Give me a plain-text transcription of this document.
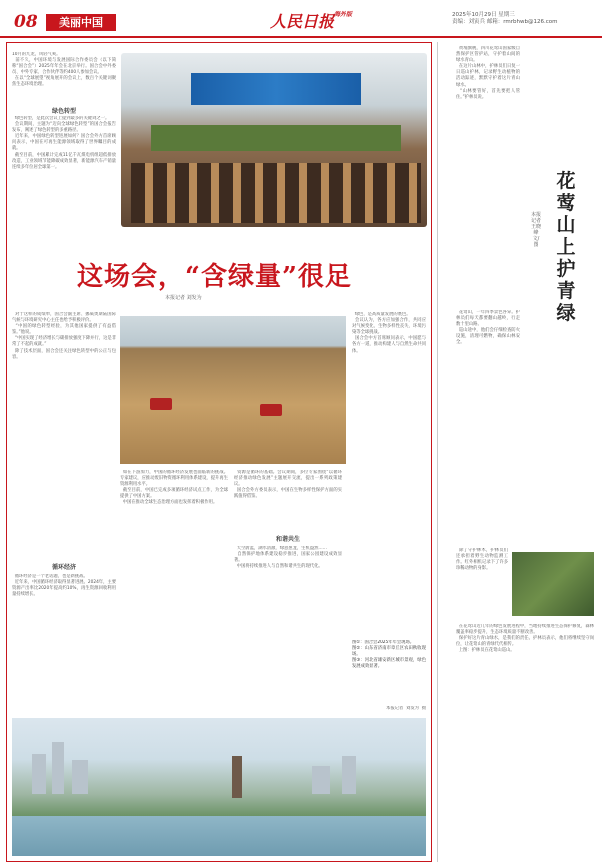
08	美丽中国	人民日报$^{海外版}$	2025年10月29日 星期三
责编：刘寅兵 邮箱：rmrbhwb@126.com
10月的九龙，风轻气爽。
前不久，中国环境与发展国际合作委员会（以下简称“国合会”）2025年年会在北京举行。国合会中外委员、中外专家、合作伙伴等约400人参加会议。
在以“全球展望”视角展开的会议上，数百个关键词聚焦生态环境治理。
绿色转型
绿色转型，是此次会议上提到最多的关键词之一。
会议期间，主题为“迈向全球绿色转型”的国合会报告发布，阐述了绿色转型的多重路径。
近年来，中国绿色转型进展如何？国合会外方首席顾问表示，中国在可再生能源领域取得了世界瞩目的成就。
截至目前，中国累计完成11亿千瓦煤电机组超低排放改造，工业领域节能降碳成效显著，新能源汽车产销量连续多年位居全球第一。
这场会，“含绿量”很足
本报记者 刘发为
对于这样的成绩单，国合会副主席、挪威奥斯陆国际气候与环境研究中心主任也给予积极评价。
“中国的绿色转型经验，为其他国家提供了有益借鉴。”他说。
“中国实现了经济增长与碳排放强度下降并行，这是非常了不起的成就。”
除了技术层面，国合会还关注绿色转型中的公正与包容。
循环经济
循环经济是一个老话题，也是新挑战。
近年来，中国循环经济取得显著进展。2024年，主要资源产出率比2020年提高约10%，再生资源回收利用量持续增长。
如在下游加力，中国的循环经济发展也面临新的挑战。专家建议，应推动废旧物资循环利用体系建设，提升再生资源利用水平。
截至目前，中国已完成多项循环经济试点工作，为全球提供了中国方案。
中国在推动全球生态治理方面也发挥着积极作用。
资源是循环的基础。会议期间，多位专家围绕“以循环经济推动绿色发展”主题展开交流，提出一系列政策建议。
国合会外方委员表示，中国在生物多样性保护方面的实践值得借鉴。
和谐共生
天空蔚蓝，湖水清澈，绿意葱茏，生机盎然……
自然保护地体系建设稳步推进，国家公园建设成效显著。
中国将持续推进人与自然和谐共生的现代化。
绿色，是高质量发展的底色。
会议认为，各方应加强合作，共同应对气候变化、生物多样性丧失、环境污染等全球挑战。
国合会中方首席顾问表示，中国愿与各方一道，推动构建人与自然生命共同体。
图①：国合会2025年年会现场。
图②：山东省济南市章丘区农田秋收现场。
图③：河北省雄安新区城市景观，绿色发展成效显著。
本报记者  刘发为  摄
黄埔旗舰，四川花莺山国家级自然保护区管护站，守护着山间的绿水青山。
在这片山林中，护林员们日复一日巡山护林，记录野生动植物的活动踪迹，默默守护着这片青山绿水。
“山林要管好，首先要把人管住。”护林员说。
花莺山上护青绿
本报记者 王晓峰 文/图
花莺山，一年四季景色各异。护林员们每天都要翻山越岭，行走数十里山路。
巡山途中，他们会仔细检查防火设施，清理可燃物，确保山林安全。
除了守护林木，护林员们还承担着野生动物监测工作。红外相机记录下了许多珍稀动物的身影。
在花莺山近几年的绿色发展进程中，当地持续推进生态保护修复，森林覆盖率稳步提升，生态环境质量不断改善。
保护好这片青山绿水，是我们的责任。护林员表示，他们将继续坚守岗位，让花莺山的青绿代代相传。
上图：护林员在花莺山巡山。
